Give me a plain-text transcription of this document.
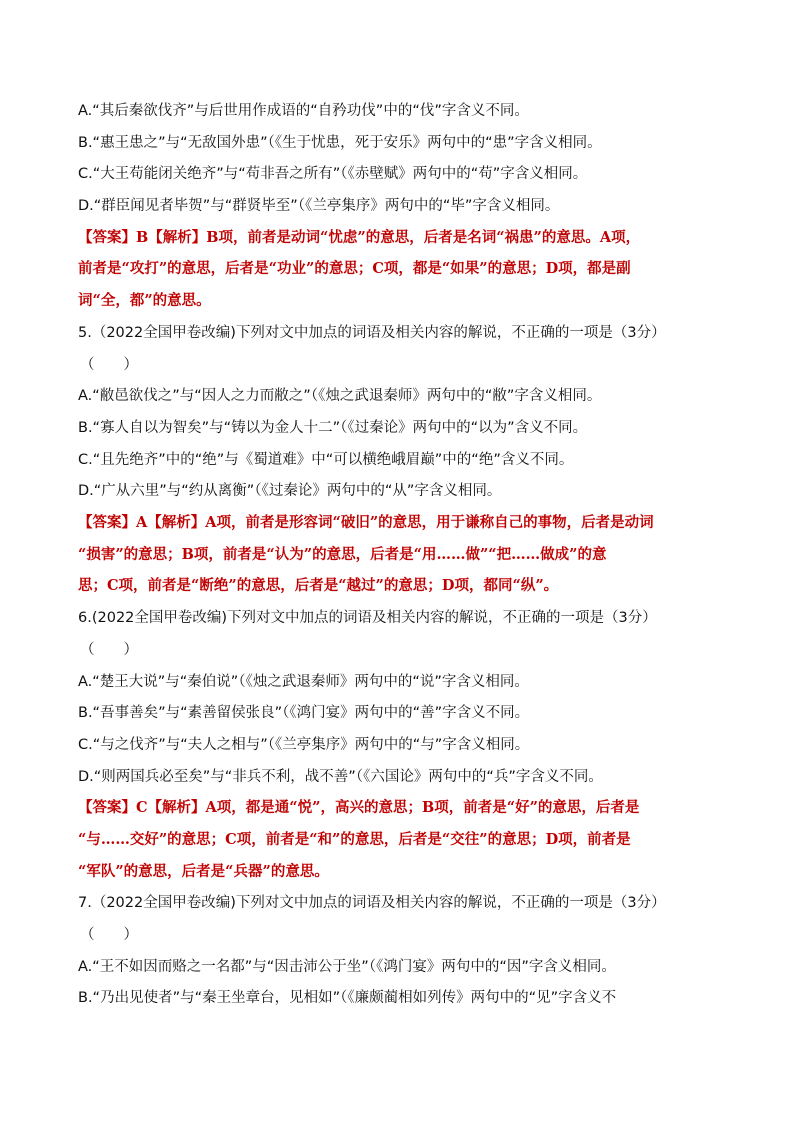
A.“其后秦欲伐齐”与后世用作成语的“自矜功伐”中的“伐”字含义不同。
B.“惠王患之”与“无敌国外患”（《生于忧患，死于安乐》两句中的“患”字含义相同。
C.“大王苟能闭关绝齐”与“苟非吾之所有”（《赤壁赋》两句中的“苟”字含义相同。
D.“群臣闻见者毕贺”与“群贤毕至”（《兰亭集序》两句中的“毕”字含义相同。
【答案】B【解析】B项，前者是动词“忧虑”的意思，后者是名词“祸患”的意思。A项，
前者是“攻打”的意思，后者是“功业”的意思；C项，都是“如果”的意思；D项，都是副
词“全，都”的意思。
5.（2022全国甲卷改编)下列对文中加点的词语及相关内容的解说，不正确的一项是（3分）
（　　）
A.“敝邑欲伐之”与“因人之力而敝之”（《烛之武退秦师》两句中的“敝”字含义相同。
B.“寡人自以为智矣”与“铸以为金人十二”（《过秦论》两句中的“以为”含义不同。
C.“且先绝齐”中的“绝”与《蜀道难》中“可以横绝峨眉巅”中的“绝”含义不同。
D.“广从六里”与“约从离衡”（《过秦论》两句中的“从”字含义相同。
【答案】A【解析】A项，前者是形容词“破旧”的意思，用于谦称自己的事物，后者是动词
“损害”的意思；B项，前者是“认为”的意思，后者是“用……做”“把……做成”的意
思；C项，前者是“断绝”的意思，后者是“越过”的意思；D项，都同“纵”。
6.(2022全国甲卷改编)下列对文中加点的词语及相关内容的解说，不正确的一项是（3分）
（　　）
A.“楚王大说”与“秦伯说”（《烛之武退秦师》两句中的“说”字含义相同。
B.“吾事善矣”与“素善留侯张良”（《鸿门宴》两句中的“善”字含义不同。
C.“与之伐齐”与“夫人之相与”（《兰亭集序》两句中的“与”字含义相同。
D.“则两国兵必至矣”与“非兵不利，战不善”（《六国论》两句中的“兵”字含义不同。
【答案】C【解析】A项，都是通“悦”，高兴的意思；B项，前者是“好”的意思，后者是
“与……交好”的意思；C项，前者是“和”的意思，后者是“交往”的意思；D项，前者是
“军队”的意思，后者是“兵器”的意思。
7.（2022全国甲卷改编)下列对文中加点的词语及相关内容的解说，不正确的一项是（3分）
（　　）
A.“王不如因而赂之一名都”与“因击沛公于坐”（《鸿门宴》两句中的“因”字含义相同。
B.“乃出见使者”与“秦王坐章台，见相如”（《廉颇蔺相如列传》两句中的“见”字含义不
